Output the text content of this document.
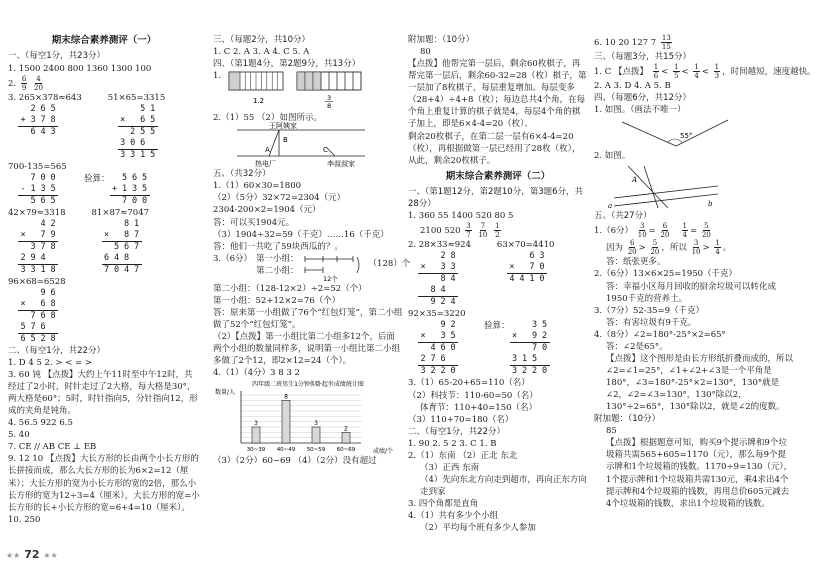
期末综合素养测评（一）
一、（每空1分，共23分）
1. 1500 2400 800 1360 1300 100
2. $\frac{6}{9}$
$\frac{4}{20}$
3. 265×378≈643
2 6 5
+ 3 7 8
6 4 3
51×65=3315
5 1
× 6 5
2 5 5
3 0 6
3 3 1 5
700-135=565
7 0 0
- 1 3 5
5 6 5
验算： 5 6 5
+ 1 3 5
7 0 0
42×79≈3318
4 2
× 7 9
3 7 8
2 9 4
3 3 1 8
81×87≈7047
8 1
× 8 7
5 6 7
6 4 8
7 0 4 7
96×68=6528
9 6
× 6 8
7 6 8
5 7 6
6 5 2 8
二、（每空1分，共22分）
1. D 4 5 2. > < = >
3. 60 钝 【点拨】大约上午11时至中午12时，共经过了2小时，时针走过了2大格，每大格是30°，两大格是60°；5时，时针指向5，分针指向12，形成的夹角是钝角。
4. 56.5 922 6.5
5. 40
7. CE // AB CE ⊥ EB
9. 12 10 【点拨】大长方形的长由两个小长方形的长拼接而成，那么大长方形的长为6×2=12（厘米）；大长方形的宽为小长方形的宽的2倍，那么小长方形的宽为12÷3=4（厘米），大长方形的宽=小长方形的长+小长方形的宽=6+4=10（厘米）。
10. 250
三、（每题2分，共10分）
1. C 2. A 3. A 4. C 5. A
四、（第1题4分，第2题9分，共13分）
1.
1.2	3
8
2.（1）55 （2）如图所示。
王阿姨家
B
A	C
热电厂	李叔叔家
五、（共32分）
1.（1）60×30=1800
（2）（5分）32×72=2304（元）
2304-200×2=1904（元）
答：可以买1904元。
（3）1904÷32=59（千克）……16（千克）
答：他们一共吃了59块西瓜的？。
3.（6分） 第一小组：
第二小组：
12个
（128）个
第二小组：（128-12×2）÷2=52（个）
第一小组：52+12×2=76（个）
答：原来第一小组做了76个“红包灯笼”，第二小组做了52个“红包灯笼”。
（2）【点拨】第一小组比第二小组多12个，后面两个小组的数量同样多，说明第一小组比第二小组多做了2个12，即2×12=24（个）。
4.（1）（4分）3 8 3 2
四年级二班男生1分钟仰卧起坐成绩统计图
数量/人
成绩/个
3
30~39
8
40~49
3
50~59
2
60~69
（3）（2分）60~69 （4）（2分）没有超过
附加题：（10分）
80
【点拨】他帮完第一层后，剩余60枚棋子，再帮完第一层后，剩余60-32=28（枚）棋子，第一层加了8枚棋子，每层重复增加。每层变多（28+4）÷4+8（枚）；每边总共4个角，在每个角上重复计算的棋子就是4，每层4个角的棋子加上，即是6×4-4=20（枚）。
剩余20枚棋子，在第二层一层有6×4-4=20（枚），再根据做第一层已经用了28枚（枚），从此，剩余20枚棋子。
期末综合素养测评（二）
一、（第1题12分，第2题10分，第3题6分，共28分）
1. 360 55 1400 520 80 5
2100 $520 \frac{3}{7}$
$\frac{7}{10}$
$\frac{1}{2}$
2. 28×33≈924
2 8
× 3 3
8 4
8 4
9 2 4
63×70=4410
6 3
× 7 0
4 4 1 0
92×35=3220
9 2
× 3 5
4 6 0
2 7 6
3 2 2 0
验算：	3 5
× 9 2
7 0
3 1 5
3 2 2 0
3.（1）65-20+65=110（名）
（2）科技节：110-60=50（名）
体育节：110+40=150（名）
（3）110+70=180（名）
二、（每空1分，共22分）
1. 90 2. 5 2 3. C 1. B
2.（1）东南 （2）正北 东北
（3）正西 东南
（4）先向东北方向走到超市，再向正东方向走到家
3. 四个角都是直角
4.（1）共有多少个小组
（2）平均每个班有多少人参加
6. 10 20 127 $7 \frac{13}{15}$
三、（每题3分，共15分）
1. C 【点拨】 $\frac{1}{6} < \frac{1}{5} < \frac{1}{4} < \frac{1}{3}$ ，时间越短，速度越快。
2. A 3. D 4. A 5. B
四、（每题6分，共12分）
1. 如图。（画法不唯一）
55°
2. 如图。
A
a	b
五、（共27分）
1.（6分） $\frac{3}{10} = \frac{6}{20}$
$\frac{1}{4} = \frac{5}{20}$
因为 $\frac{6}{20} > \frac{5}{20}$ ，所以 $\frac{3}{10} > \frac{1}{4}$ 。
答：纸张更多。
2.（6分）13×6×25=1950（千克）
答：幸福小区每月回收的厨余垃圾可以转化成1950千克的营养土。
3.（7分）52-35=9（千克）
答：有害垃圾有9千克。
4.（8分）∠2=180°-25°×2=65°
答：∠2是65°。
【点拨】这个图形是由长方形纸折叠而成的，所以∠2=∠1=25°，∠1+∠2+∠3是一个平角是180°，∠3=180°-25°×2=130°，130°就是∠2，∠2=∠3=130°，130°除以2，130°÷2=65°，130°除以2，就是∠2的度数。
附加题：（10分）
85
【点拨】根据题意可知，购买9个提示牌和9个垃圾箱共需565+605=1170（元），那么每9个提示牌和1个垃圾箱的钱数。1170÷9=130（元），1个提示牌和1个垃圾箱共需130元，乘4求出4个提示牌和4个垃圾箱的钱数，再用总价605元减去4个垃圾箱的钱数，求出1个垃圾箱的钱数。
★★ 72 ★★
